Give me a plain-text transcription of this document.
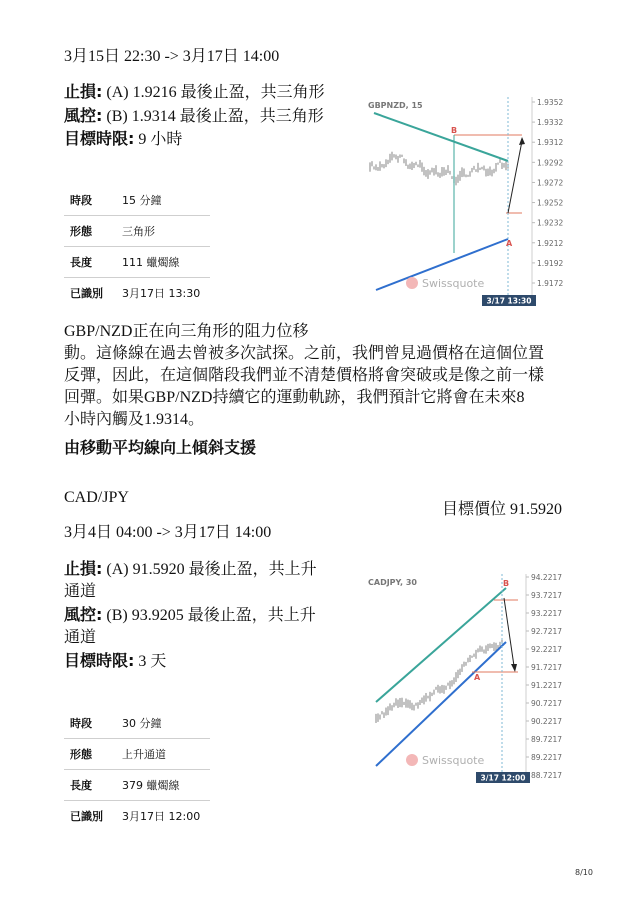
3月15日 22:30 -> 3月17日 14:00
止損: (A) 1.9216 最後止盈，共三角形
風控: (B) 1.9314 最後止盈，共三角形
目標時限: 9 小時
時段	15 分鐘
形態	三角形
長度	111 蠟燭線
已識別	3月17日 13:30
GBPNZD, 15	1.9352
1.9332
1.9312
1.9292
1.9272
1.9252
1.9232
1.9212
1.9192
1.9172
B
A
Swissquote
3/17 13:30
GBP/NZD正在向三角形的阻力位移
動。這條線在過去曾被多次試探。之前，我們曾見過價格在這個位置
反彈，因此，在這個階段我們並不清楚價格將會突破或是像之前一樣
回彈。如果GBP/NZD持續它的運動軌跡，我們預計它將會在未來8
小時內觸及1.9314。
由移動平均線向上傾斜支援
CAD/JPY
目標價位 91.5920
3月4日 04:00 -> 3月17日 14:00
止損: (A) 91.5920 最後止盈，共上升
通道
風控: (B) 93.9205 最後止盈，共上升
通道
目標時限: 3 天
時段	30 分鐘
形態	上升通道
長度	379 蠟燭線
已識別	3月17日 12:00
CADJPY, 30
94.2217
93.7217
93.2217
92.7217
92.2217
91.7217
91.2217
90.7217
90.2217
89.7217
89.2217
88.7217
B
A
Swissquote
3/17 12:00
8/10
